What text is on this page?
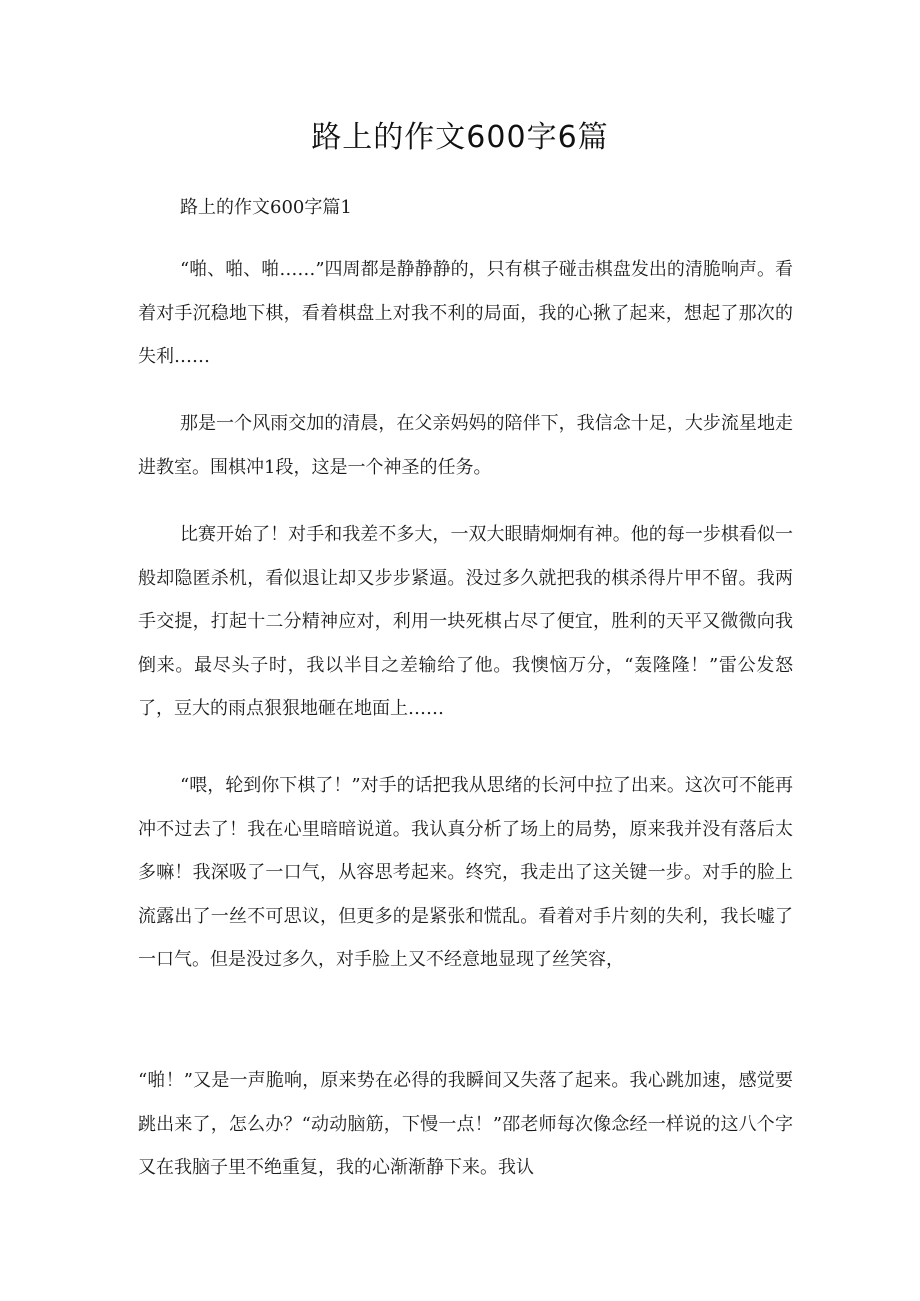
路上的作文600字6篇
路上的作文600字篇1

“啪、啪、啪……”四周都是静静静的，只有棋子碰击棋盘发出的清脆响声。看着对手沉稳地下棋，看着棋盘上对我不利的局面，我的心揪了起来，想起了那次的失利……

那是一个风雨交加的清晨，在父亲妈妈的陪伴下，我信念十足，大步流星地走进教室。围棋冲1段，这是一个神圣的任务。

比赛开始了！对手和我差不多大，一双大眼睛炯炯有神。他的每一步棋看似一般却隐匿杀机，看似退让却又步步紧逼。没过多久就把我的棋杀得片甲不留。我两手交提，打起十二分精神应对，利用一块死棋占尽了便宜，胜利的天平又微微向我倒来。最尽头子时，我以半目之差输给了他。我懊恼万分，“轰隆隆！”雷公发怒了，豆大的雨点狠狠地砸在地面上……

“喂，轮到你下棋了！”对手的话把我从思绪的长河中拉了出来。这次可不能再冲不过去了！我在心里暗暗说道。我认真分析了场上的局势，原来我并没有落后太多嘛！我深吸了一口气，从容思考起来。终究，我走出了这关键一步。对手的脸上流露出了一丝不可思议，但更多的是紧张和慌乱。看着对手片刻的失利，我长嘘了一口气。但是没过多久，对手脸上又不经意地显现了丝笑容，

“啪！”又是一声脆响，原来势在必得的我瞬间又失落了起来。我心跳加速，感觉要跳出来了，怎么办？“动动脑筋，下慢一点！”邵老师每次像念经一样说的这八个字又在我脑子里不绝重复，我的心渐渐静下来。我认
